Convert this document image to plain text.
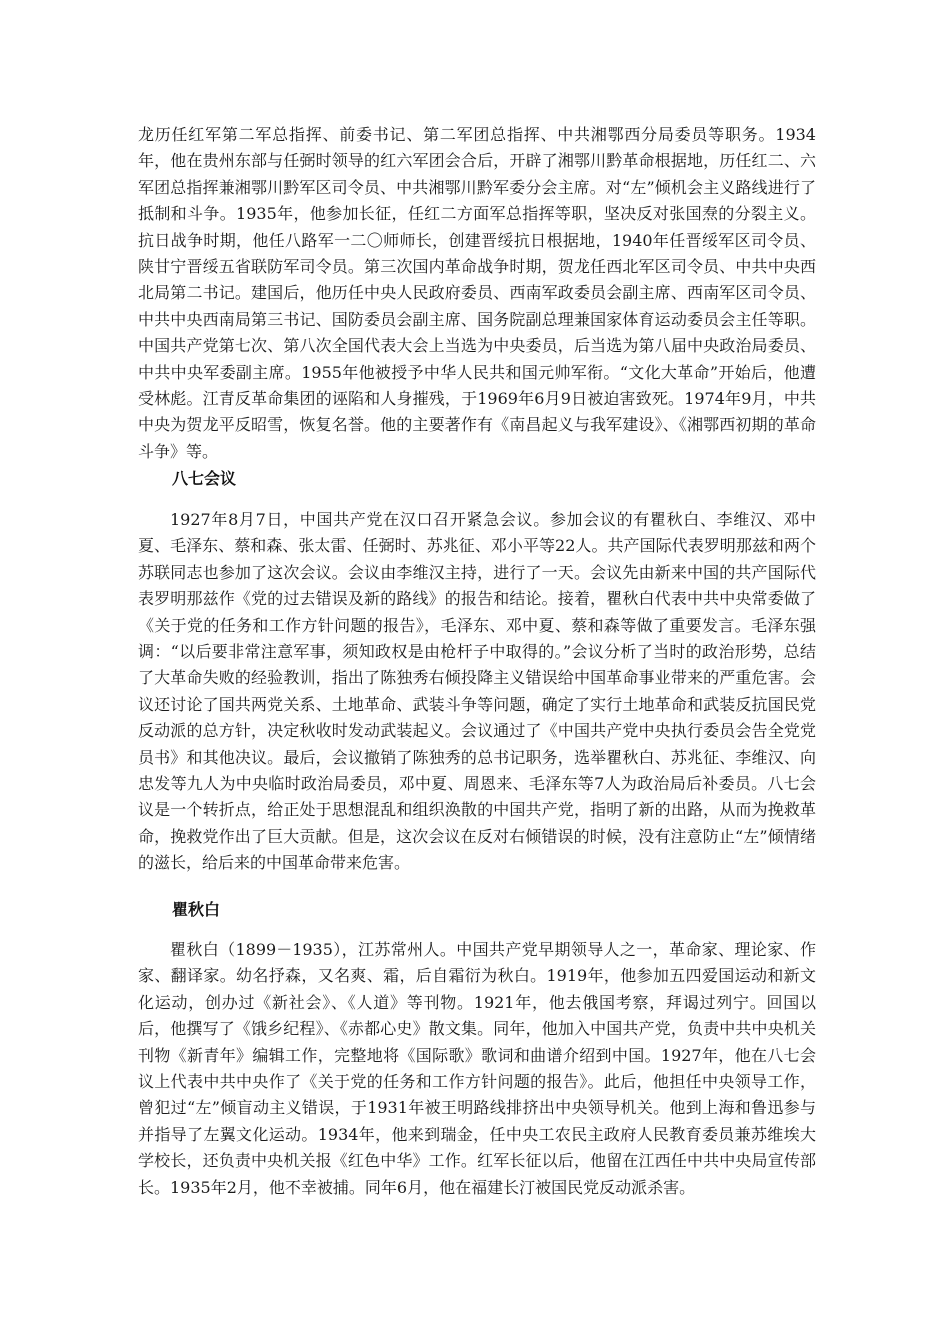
龙历任红军第二军总指挥、前委书记、第二军团总指挥、中共湘鄂西分局委员等职务。1934年，他在贵州东部与任弼时领导的红六军团会合后，开辟了湘鄂川黔革命根据地，历任红二、六军团总指挥兼湘鄂川黔军区司令员、中共湘鄂川黔军委分会主席。对“左”倾机会主义路线进行了抵制和斗争。1935年，他参加长征，任红二方面军总指挥等职，坚决反对张国焘的分裂主义。抗日战争时期，他任八路军一二〇师师长，创建晋绥抗日根据地，1940年任晋绥军区司令员、陕甘宁晋绥五省联防军司令员。第三次国内革命战争时期，贺龙任西北军区司令员、中共中央西北局第二书记。建国后，他历任中央人民政府委员、西南军政委员会副主席、西南军区司令员、中共中央西南局第三书记、国防委员会副主席、国务院副总理兼国家体育运动委员会主任等职。中国共产党第七次、第八次全国代表大会上当选为中央委员，后当选为第八届中央政治局委员、中共中央军委副主席。1955年他被授予中华人民共和国元帅军衔。“文化大革命”开始后，他遭受林彪。江青反革命集团的诬陷和人身摧残，于1969年6月9日被迫害致死。1974年9月，中共中央为贺龙平反昭雪，恢复名誉。他的主要著作有《南昌起义与我军建设》、《湘鄂西初期的革命斗争》等。

八七会议

1927年8月7日，中国共产党在汉口召开紧急会议。参加会议的有瞿秋白、李维汉、邓中夏、毛泽东、蔡和森、张太雷、任弼时、苏兆征、邓小平等22人。共产国际代表罗明那兹和两个苏联同志也参加了这次会议。会议由李维汉主持，进行了一天。会议先由新来中国的共产国际代表罗明那兹作《党的过去错误及新的路线》的报告和结论。接着，瞿秋白代表中共中央常委做了《关于党的任务和工作方针问题的报告》，毛泽东、邓中夏、蔡和森等做了重要发言。毛泽东强调：“以后要非常注意军事，须知政权是由枪杆子中取得的。”会议分析了当时的政治形势，总结了大革命失败的经验教训，指出了陈独秀右倾投降主义错误给中国革命事业带来的严重危害。会议还讨论了国共两党关系、土地革命、武装斗争等问题，确定了实行土地革命和武装反抗国民党反动派的总方针，决定秋收时发动武装起义。会议通过了《中国共产党中央执行委员会告全党党员书》和其他决议。最后，会议撤销了陈独秀的总书记职务，选举瞿秋白、苏兆征、李维汉、向忠发等九人为中央临时政治局委员，邓中夏、周恩来、毛泽东等7人为政治局后补委员。八七会议是一个转折点，给正处于思想混乱和组织涣散的中国共产党，指明了新的出路，从而为挽救革命，挽救党作出了巨大贡献。但是，这次会议在反对右倾错误的时候，没有注意防止“左”倾情绪的滋长，给后来的中国革命带来危害。

瞿秋白

瞿秋白（1899－1935），江苏常州人。中国共产党早期领导人之一，革命家、理论家、作家、翻译家。幼名抒森，又名爽、霜，后自霜衍为秋白。1919年，他参加五四爱国运动和新文化运动，创办过《新社会》、《人道》等刊物。1921年，他去俄国考察，拜谒过列宁。回国以后，他撰写了《饿乡纪程》、《赤都心史》散文集。同年，他加入中国共产党，负责中共中央机关刊物《新青年》编辑工作，完整地将《国际歌》歌词和曲谱介绍到中国。1927年，他在八七会议上代表中共中央作了《关于党的任务和工作方针问题的报告》。此后，他担任中央领导工作，曾犯过“左”倾盲动主义错误，于1931年被王明路线排挤出中央领导机关。他到上海和鲁迅参与并指导了左翼文化运动。1934年，他来到瑞金，任中央工农民主政府人民教育委员兼苏维埃大学校长，还负责中央机关报《红色中华》工作。红军长征以后，他留在江西任中共中央局宣传部长。1935年2月，他不幸被捕。同年6月，他在福建长汀被国民党反动派杀害。
